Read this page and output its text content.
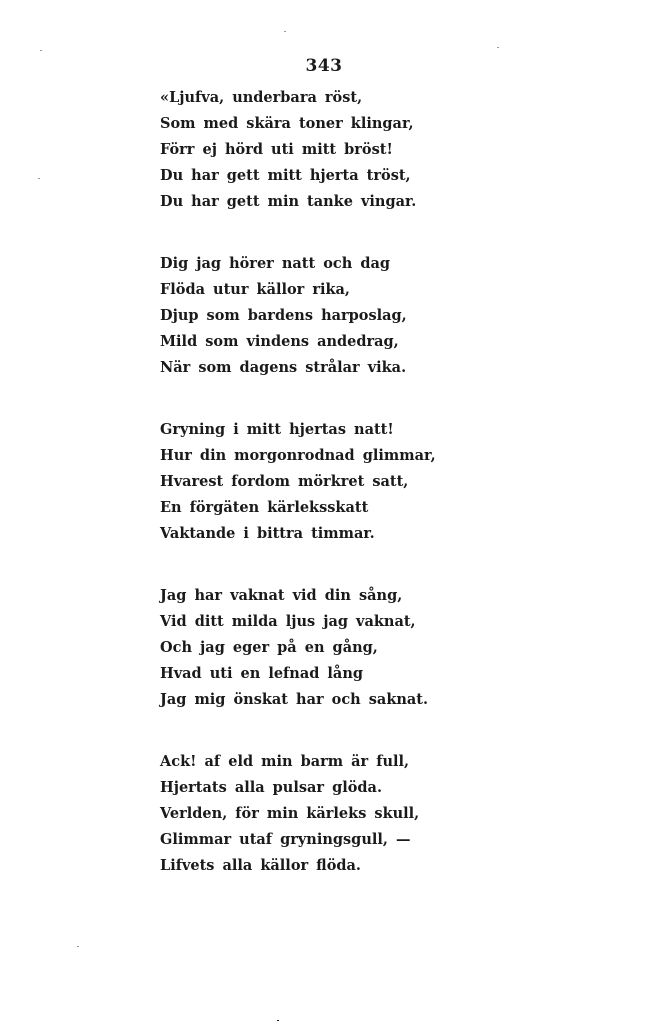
343
«Ljufva, underbara röst,
Som med skära toner klingar,
Förr ej hörd uti mitt bröst!
Du har gett mitt hjerta tröst,
Du har gett min tanke vingar.
Dig jag hörer natt och dag
Flöda utur källor rika,
Djup som bardens harposlag,
Mild som vindens andedrag,
När som dagens strålar vika.
Gryning i mitt hjertas natt!
Hur din morgonrodnad glimmar,
Hvarest fordom mörkret satt,
En förgäten kärleksskatt
Vaktande i bittra timmar.
Jag har vaknat vid din sång,
Vid ditt milda ljus jag vaknat,
Och jag eger på en gång,
Hvad uti en lefnad lång
Jag mig önskat har och saknat.
Ack! af eld min barm är full,
Hjertats alla pulsar glöda.
Verlden, för min kärleks skull,
Glimmar utaf gryningsgull, —
Lifvets alla källor flöda.
